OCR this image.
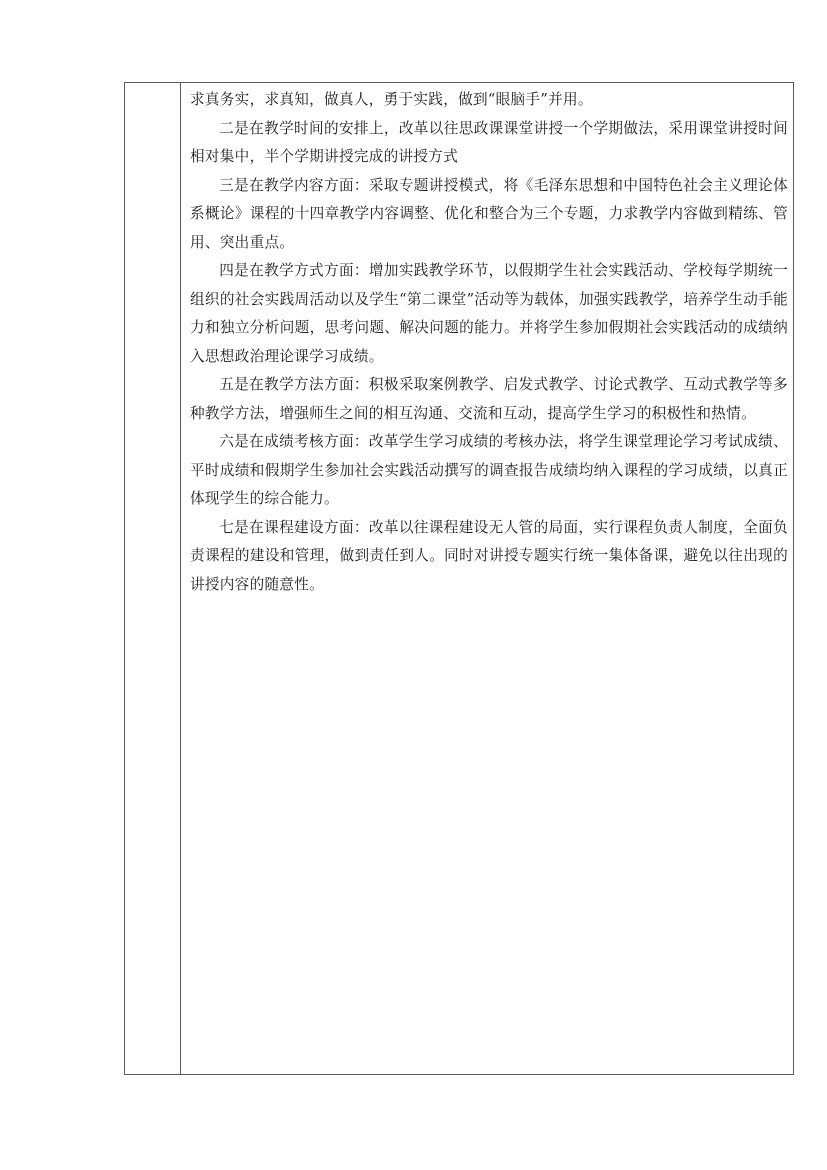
求真务实，求真知，做真人，勇于实践，做到“眼脑手”并用。

二是在教学时间的安排上，改革以往思政课课堂讲授一个学期做法，采用课堂讲授时间相对集中，半个学期讲授完成的讲授方式

三是在教学内容方面：采取专题讲授模式，将《毛泽东思想和中国特色社会主义理论体系概论》课程的十四章教学内容调整、优化和整合为三个专题，力求教学内容做到精练、管用、突出重点。

四是在教学方式方面：增加实践教学环节，以假期学生社会实践活动、学校每学期统一组织的社会实践周活动以及学生“第二课堂”活动等为载体，加强实践教学，培养学生动手能力和独立分析问题，思考问题、解决问题的能力。并将学生参加假期社会实践活动的成绩纳入思想政治理论课学习成绩。

五是在教学方法方面：积极采取案例教学、启发式教学、讨论式教学、互动式教学等多种教学方法，增强师生之间的相互沟通、交流和互动，提高学生学习的积极性和热情。

六是在成绩考核方面：改革学生学习成绩的考核办法，将学生课堂理论学习考试成绩、平时成绩和假期学生参加社会实践活动撰写的调查报告成绩均纳入课程的学习成绩，以真正体现学生的综合能力。

七是在课程建设方面：改革以往课程建设无人管的局面，实行课程负责人制度，全面负责课程的建设和管理，做到责任到人。同时对讲授专题实行统一集体备课，避免以往出现的讲授内容的随意性。
